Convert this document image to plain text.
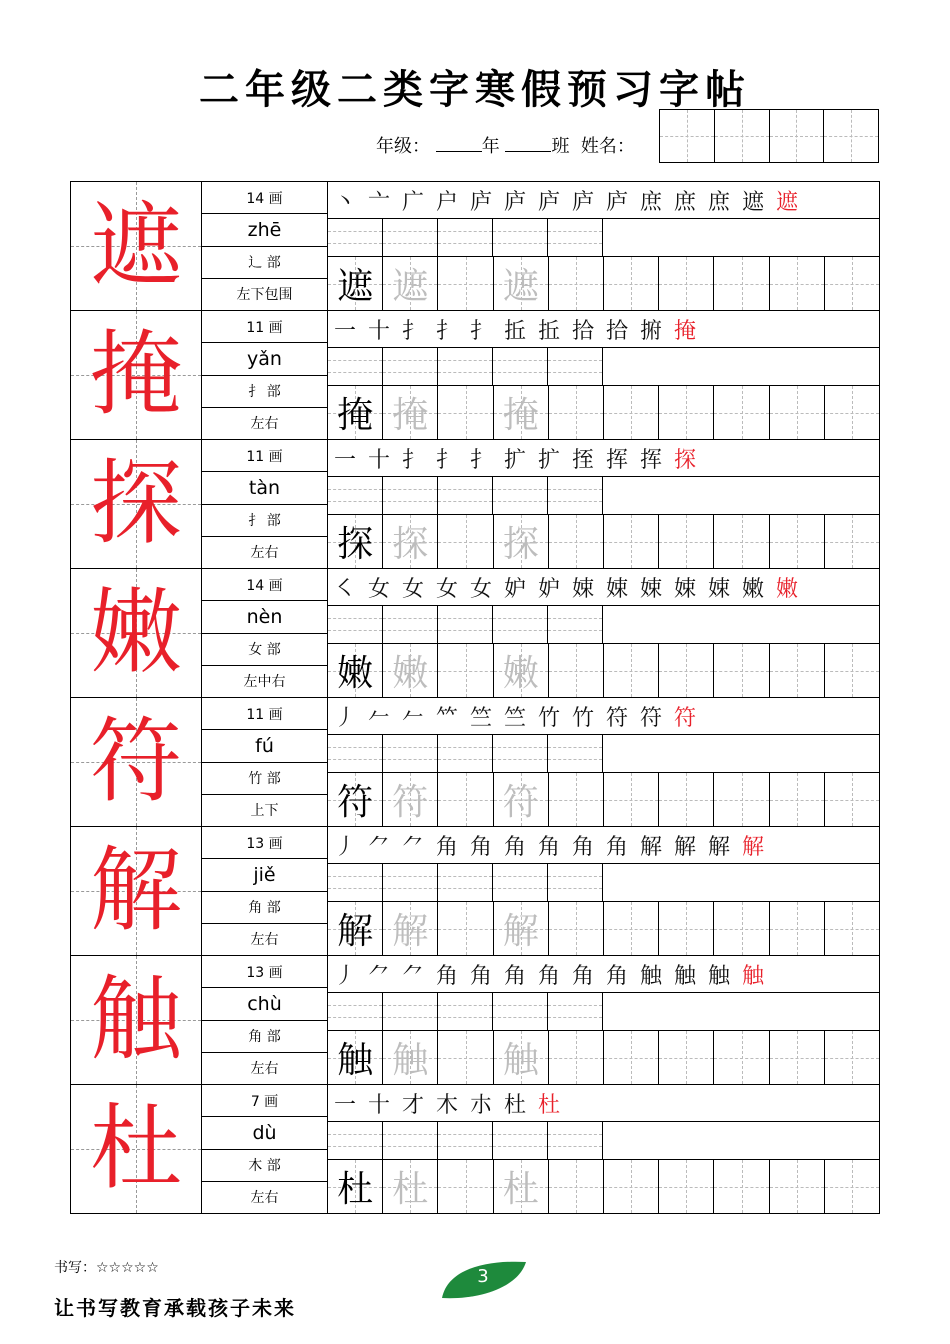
二年级二类字寒假预习字帖
年级：	年	班 姓名：
遮	14 画
zhē
辶 部
左下包围
丶 亠 广 户 庐 庐 庐 庐 庐 庶 庶 庶 遮 遮
遮 遮 遮
掩	11 画
yǎn
扌 部
左右
一 十 扌 扌 扌 拞 拞 拾 拾 捬 掩
掩 掩 掩
探	11 画
tàn
扌 部
左右
一 十 扌 扌 扌 扩 扩 挃 挥 挥 探
探 探 探
嫩	14 画
nèn
女 部
左中右
㇛ 女 女 女 女 妒 妒 娕 娕 娕 娕 娕 嫩 嫩
嫩 嫩 嫩
符	11 画
fú
竹 部
上下
丿 𠂉 𠂉 𥫗 竺 竺 竹 竹 符 符 符
符 符 符
解	13 画
jiě
角 部
左右
丿 ⺈ ⺈ 角 角 角 角 角 角 解 解 解 解
解 解 解
触	13 画
chù
角 部
左右
丿 ⺈ ⺈ 角 角 角 角 角 角 触 触 触 触
触 触 触
杜	7 画
dù
木 部
左右
一 十 才 木 朩 杜 杜
杜 杜 杜
书写：☆☆☆☆☆
让书写教育承载孩子未来
3
